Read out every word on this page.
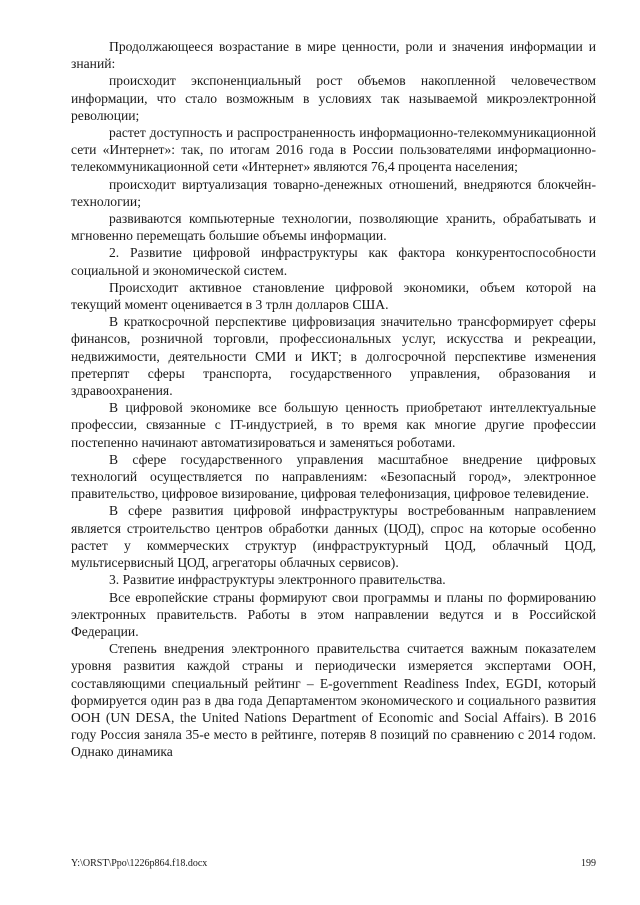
Продолжающееся возрастание в мире ценности, роли и значения информации и знаний:

происходит экспоненциальный рост объемов накопленной человечеством информации, что стало возможным в условиях так называемой микроэлектронной революции;

растет доступность и распространенность информационно-телекоммуникационной сети «Интернет»: так, по итогам 2016 года в России пользователями информационно-телекоммуникационной сети «Интернет» являются 76,4 процента населения;

происходит виртуализация товарно-денежных отношений, внедряются блокчейн-технологии;

развиваются компьютерные технологии, позволяющие хранить, обрабатывать и мгновенно перемещать большие объемы информации.

2. Развитие цифровой инфраструктуры как фактора конкурентоспособности социальной и экономической систем.

Происходит активное становление цифровой экономики, объем которой на текущий момент оценивается в 3 трлн долларов США.

В краткосрочной перспективе цифровизация значительно трансформирует сферы финансов, розничной торговли, профессиональных услуг, искусства и рекреации, недвижимости, деятельности СМИ и ИКТ; в долгосрочной перспективе изменения претерпят сферы транспорта, государственного управления, образования и здравоохранения.

В цифровой экономике все большую ценность приобретают интеллектуальные профессии, связанные с IT-индустрией, в то время как многие другие профессии постепенно начинают автоматизироваться и заменяться роботами.

В сфере государственного управления масштабное внедрение цифровых технологий осуществляется по направлениям: «Безопасный город», электронное правительство, цифровое визирование, цифровая телефонизация, цифровое телевидение.

В сфере развития цифровой инфраструктуры востребованным направлением является строительство центров обработки данных (ЦОД), спрос на которые особенно растет у коммерческих структур (инфраструктурный ЦОД, облачный ЦОД, мультисервисный ЦОД, агрегаторы облачных сервисов).

3. Развитие инфраструктуры электронного правительства.

Все европейские страны формируют свои программы и планы по формированию электронных правительств. Работы в этом направлении ведутся и в Российской Федерации.

Степень внедрения электронного правительства считается важным показателем уровня развития каждой страны и периодически измеряется экспертами ООН, составляющими специальный рейтинг – E-government Readiness Index, EGDI, который формируется один раз в два года Департаментом экономического и социального развития ООН (UN DESA, the United Nations Department of Economic and Social Affairs). В 2016 году Россия заняла 35-е место в рейтинге, потеряв 8 позиций по сравнению с 2014 годом. Однако динамика

Y:\ORST\Ppo\1226p864.f18.docx	199
